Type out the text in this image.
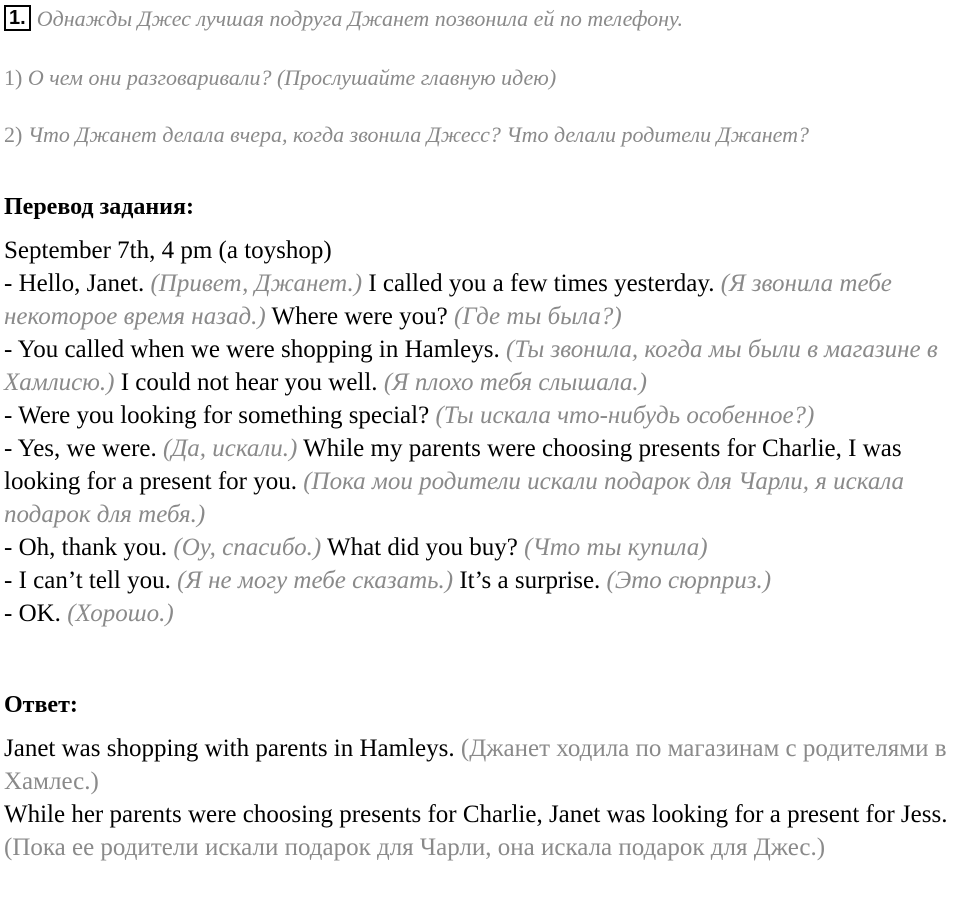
1. Однажды Джес лучшая подруга Джанет позвонила ей по телефону.
1) О чем они разговаривали? (Прослушайте главную идею)
2) Что Джанет делала вчера, когда звонила Джесс? Что делали родители Джанет?
Перевод задания:
September 7th, 4 pm (a toyshop)
- Hello, Janet. (Привет, Джанет.) I called you a few times yesterday. (Я звонила тебе некоторое время назад.) Where were you? (Где ты была?)
- You called when we were shopping in Hamleys. (Ты звонила, когда мы были в магазине в Хамлисю.) I could not hear you well. (Я плохо тебя слышала.)
- Were you looking for something special? (Ты искала что-нибудь особенное?)
- Yes, we were. (Да, искали.) While my parents were choosing presents for Charlie, I was looking for a present for you. (Пока мои родители искали подарок для Чарли, я искала подарок для тебя.)
- Oh, thank you. (Оу, спасибо.) What did you buy? (Что ты купила)
- I can’t tell you. (Я не могу тебе сказать.) It’s a surprise. (Это сюрприз.)
- OK. (Хорошо.)
Ответ:
Janet was shopping with parents in Hamleys. (Джанет ходила по магазинам с родителями в Хамлес.)
While her parents were choosing presents for Charlie, Janet was looking for a present for Jess. (Пока ее родители искали подарок для Чарли, она искала подарок для Джес.)
